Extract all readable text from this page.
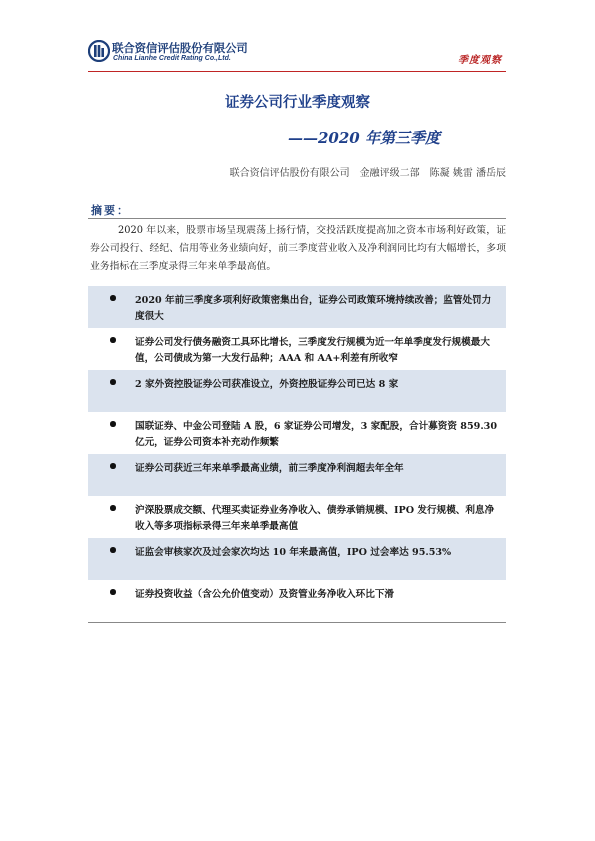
联合资信评估股份有限公司
China Lianhe Credit Rating Co.,Ltd.	季度观察
证券公司行业季度观察
——2020 年第三季度
联合资信评估股份有限公司　金融评级二部　陈凝 姚雷 潘岳辰
摘要：

2020 年以来，股票市场呈现震荡上扬行情，交投活跃度提高加之资本市场利好政策，证券公司投行、经纪、信用等业务业绩向好，前三季度营业收入及净利润同比均有大幅增长，多项业务指标在三季度录得三年来单季最高值。

2020 年前三季度多项利好政策密集出台，证券公司政策环境持续改善；监管处罚力度很大
证券公司发行债务融资工具环比增长，三季度发行规模为近一年单季度发行规模最大值，公司债成为第一大发行品种；AAA 和 AA+利差有所收窄
2 家外资控股证券公司获准设立，外资控股证券公司已达 8 家
国联证券、中金公司登陆 A 股，6 家证券公司增发，3 家配股，合计募资资 859.30 亿元，证券公司资本补充动作频繁
证券公司获近三年来单季最高业绩，前三季度净利润超去年全年
沪深股票成交额、代理买卖证券业务净收入、债券承销规模、IPO 发行规模、利息净收入等多项指标录得三年来单季最高值
证监会审核家次及过会家次均达 10 年来最高值，IPO 过会率达 95.53%
证券投资收益（含公允价值变动）及资管业务净收入环比下滑
